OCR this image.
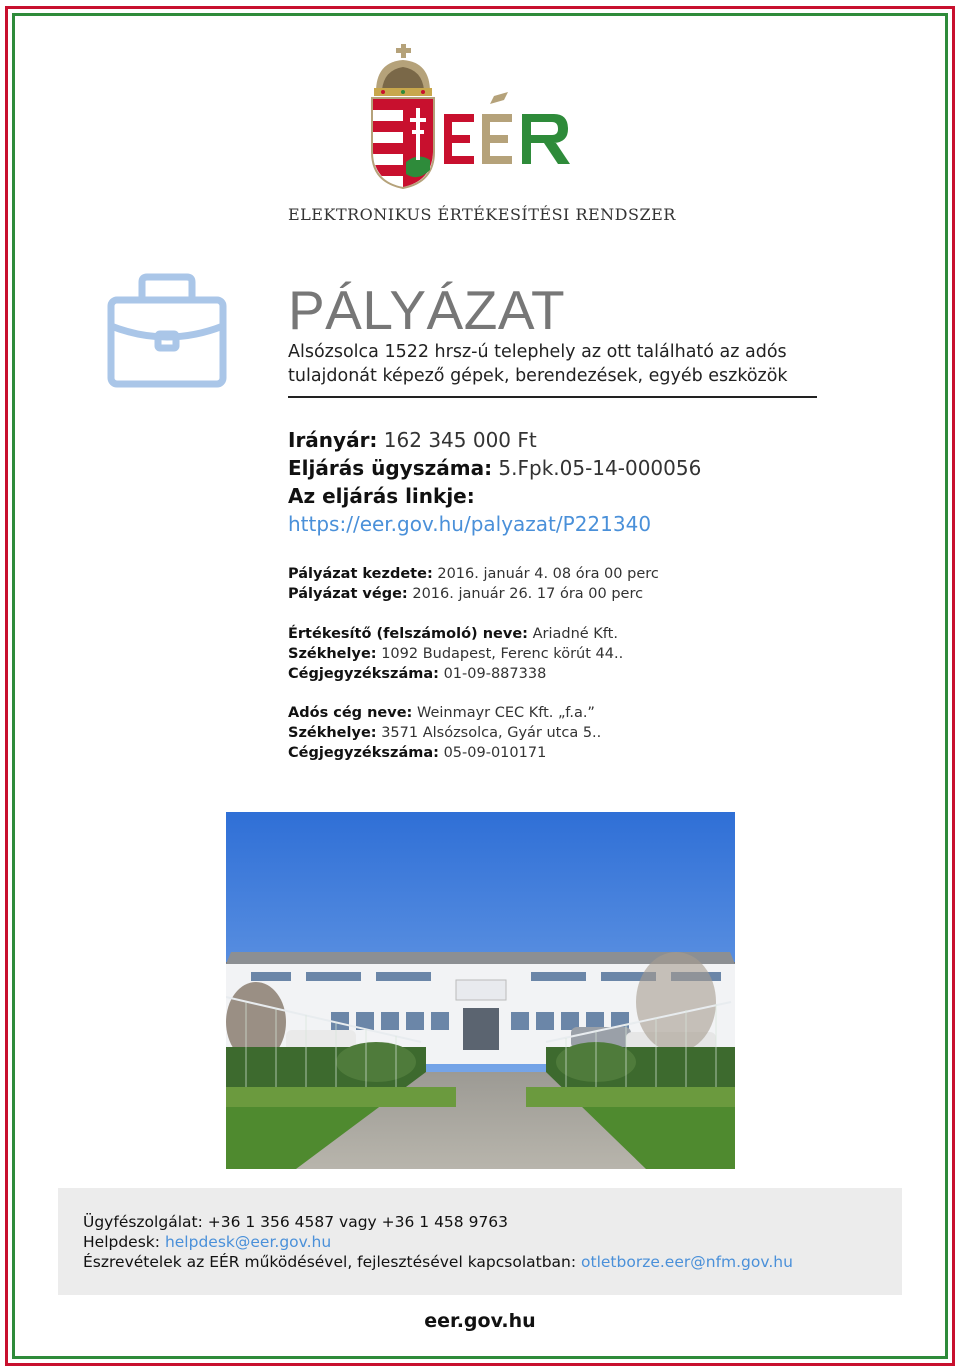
ELEKTRONIKUS ÉRTÉKESÍTÉSI RENDSZER
PÁLYÁZAT
Alsózsolca 1522 hrsz-ú telephely az ott található az adós
tulajdonát képező gépek, berendezések, egyéb eszközök
Irányár: 162 345 000 Ft
Eljárás ügyszáma: 5.Fpk.05-14-000056
Az eljárás linkje:
https://eer.gov.hu/palyazat/P221340
Pályázat kezdete: 2016. január 4. 08 óra 00 perc
Pályázat vége: 2016. január 26. 17 óra 00 perc
Értékesítő (felszámoló) neve: Ariadné Kft.
Székhelye: 1092 Budapest, Ferenc körút 44..
Cégjegyzékszáma: 01-09-887338
Adós cég neve: Weinmayr CEC Kft. „f.a.”
Székhelye: 3571 Alsózsolca, Gyár utca 5..
Cégjegyzékszáma: 05-09-010171
Ügyfészolgálat: +36 1 356 4587 vagy +36 1 458 9763
Helpdesk: helpdesk@eer.gov.hu
Észrevételek az EÉR működésével, fejlesztésével kapcsolatban: otletborze.eer@nfm.gov.hu
eer.gov.hu
